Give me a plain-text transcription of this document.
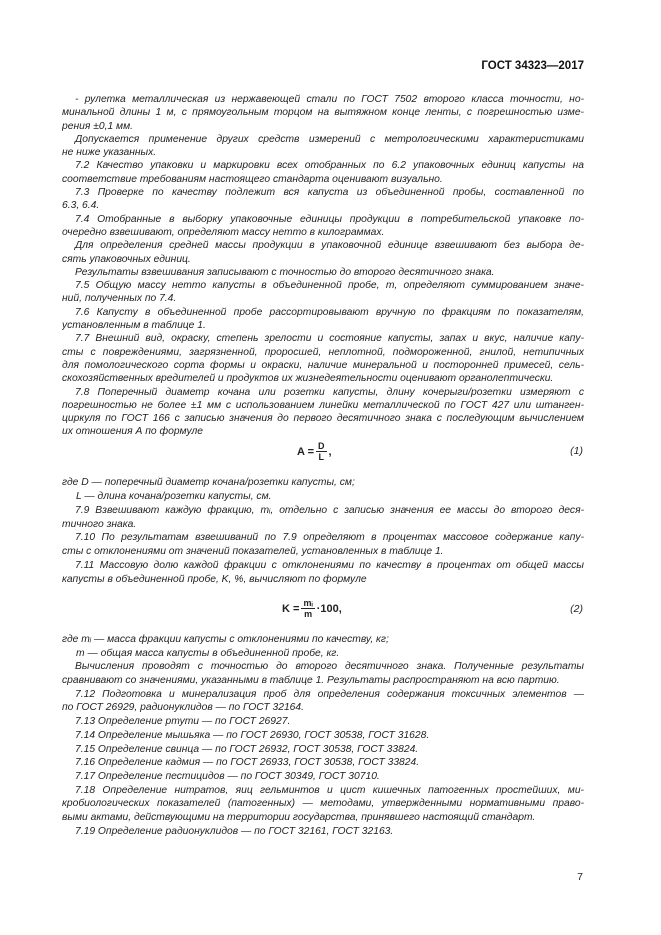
ГОСТ 34323—2017
- рулетка металлическая из нержавеющей стали по ГОСТ 7502 второго класса точности, но-
минальной длины 1 м, с прямоугольным торцом на вытяжном конце ленты, с погрешностью изме-
рения ±0,1 мм.
Допускается применение других средств измерений с метрологическими характеристиками
не ниже указанных.
7.2 Качество упаковки и маркировки всех отобранных по 6.2 упаковочных единиц капусты на
соответствие требованиям настоящего стандарта оценивают визуально.
7.3 Проверке по качеству подлежит вся капуста из объединенной пробы, составленной по
6.3, 6.4.
7.4 Отобранные в выборку упаковочные единицы продукции в потребительской упаковке по-
очередно взвешивают, определяют массу нетто в килограммах.
Для определения средней массы продукции в упаковочной единице взвешивают без выбора де-
сять упаковочных единиц.
Результаты взвешивания записывают с точностью до второго десятичного знака.
7.5 Общую массу нетто капусты в объединенной пробе, m, определяют суммированием значе-
ний, полученных по 7.4.
7.6 Капусту в объединенной пробе рассортировывают вручную по фракциям по показателям,
установленным в таблице 1.
7.7 Внешний вид, окраску, степень зрелости и состояние капусты, запах и вкус, наличие капу-
сты с повреждениями, загрязненной, проросшей, неплотной, подмороженной, гнилой, нетипичных
для помологического сорта формы и окраски, наличие минеральной и посторонней примесей, сель-
скохозяйственных вредителей и продуктов их жизнедеятельности оценивают органолептически.
7.8 Поперечный диаметр кочана или розетки капусты, длину кочерыги/розетки измеряют с
погрешностью не более ±1 мм с использованием линейки металлической по ГОСТ 427 или штанген-
циркуля по ГОСТ 166 с записью значения до первого десятичного знака с последующим вычислением
их отношения А по формуле
$A = \frac{D}{L}$ ,	(1)
где D — поперечный диаметр кочана/розетки капусты, см;
L — длина кочана/розетки капусты, см.
7.9 Взвешивают каждую фракцию, mᵢ, отдельно с записью значения ее массы до второго деся-
тичного знака.
7.10 По результатам взвешиваний по 7.9 определяют в процентах массовое содержание капу-
сты с отклонениями от значений показателей, установленных в таблице 1.
7.11 Массовую долю каждой фракции с отклонениями по качеству в процентах от общей массы
капусты в объединенной пробе, K, %, вычисляют по формуле
$K = \frac{\text{mᵢ}}{m} \cdot 100$,	(2)
где mᵢ — масса фракции капусты с отклонениями по качеству, кг;
m — общая масса капусты в объединенной пробе, кг.
Вычисления проводят с точностью до второго десятичного знака. Полученные результаты
сравнивают со значениями, указанными в таблице 1. Результаты распространяют на всю партию.
7.12 Подготовка и минерализация проб для определения содержания токсичных элементов —
по ГОСТ 26929, радионуклидов — по ГОСТ 32164.
7.13 Определение ртути — по ГОСТ 26927.
7.14 Определение мышьяка — по ГОСТ 26930, ГОСТ 30538, ГОСТ 31628.
7.15 Определение свинца — по ГОСТ 26932, ГОСТ 30538, ГОСТ 33824.
7.16 Определение кадмия — по ГОСТ 26933, ГОСТ 30538, ГОСТ 33824.
7.17 Определение пестицидов — по ГОСТ 30349, ГОСТ 30710.
7.18 Определение нитратов, яиц гельминтов и цист кишечных патогенных простейших, ми-
кробиологических показателей (патогенных) — методами, утвержденными нормативными право-
выми актами, действующими на территории государства, принявшего настоящий стандарт.
7.19 Определение радионуклидов — по ГОСТ 32161, ГОСТ 32163.
7
